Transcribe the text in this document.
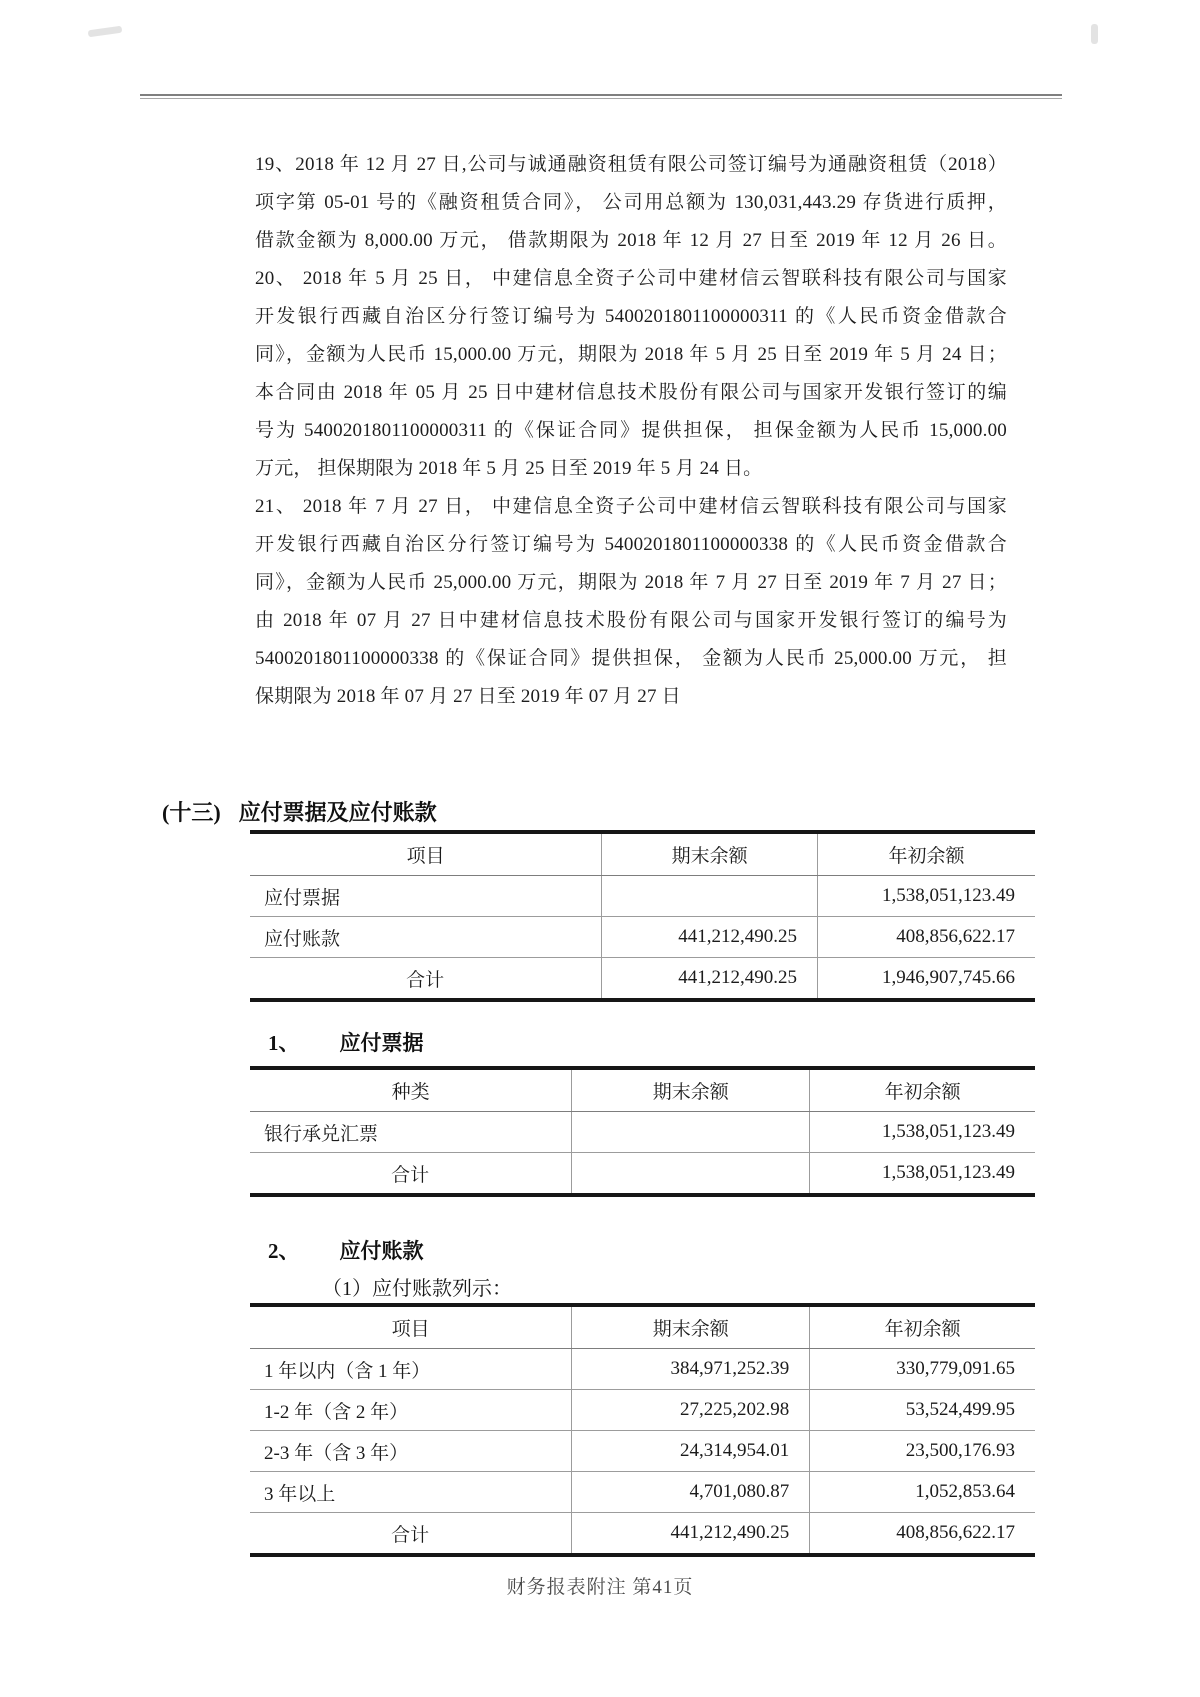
19、2018 年 12 月 27 日,公司与诚通融资租赁有限公司签订编号为通融资租赁（2018）
项字第 05-01 号的《融资租赁合同》， 公司用总额为 130,031,443.29 存货进行质押，
借款金额为 8,000.00 万元， 借款期限为 2018 年 12 月 27 日至 2019 年 12 月 26 日。
20、 2018 年 5 月 25 日， 中建信息全资子公司中建材信云智联科技有限公司与国家
开发银行西藏自治区分行签订编号为 5400201801100000311 的《人民币资金借款合
同》，金额为人民币 15,000.00 万元，期限为 2018 年 5 月 25 日至 2019 年 5 月 24 日；
本合同由 2018 年 05 月 25 日中建材信息技术股份有限公司与国家开发银行签订的编
号为 5400201801100000311 的《保证合同》提供担保， 担保金额为人民币 15,000.00
万元， 担保期限为 2018 年 5 月 25 日至 2019 年 5 月 24 日。
21、 2018 年 7 月 27 日， 中建信息全资子公司中建材信云智联科技有限公司与国家
开发银行西藏自治区分行签订编号为 5400201801100000338 的《人民币资金借款合
同》，金额为人民币 25,000.00 万元，期限为 2018 年 7 月 27 日至 2019 年 7 月 27 日；
由 2018 年 07 月 27 日中建材信息技术股份有限公司与国家开发银行签订的编号为
5400201801100000338 的《保证合同》提供担保， 金额为人民币 25,000.00 万元， 担
保期限为 2018 年 07 月 27 日至 2019 年 07 月 27 日
(十三) 应付票据及应付账款
项目	期末余额	年初余额
应付票据		1,538,051,123.49
应付账款	441,212,490.25	408,856,622.17
合计	441,212,490.25	1,946,907,745.66
1、 应付票据
种类	期末余额	年初余额
银行承兑汇票		1,538,051,123.49
合计		1,538,051,123.49
2、 应付账款
（1）应付账款列示：
项目	期末余额	年初余额
1 年以内（含 1 年）	384,971,252.39	330,779,091.65
1-2 年（含 2 年）	27,225,202.98	53,524,499.95
2-3 年（含 3 年）	24,314,954.01	23,500,176.93
3 年以上	4,701,080.87	1,052,853.64
合计	441,212,490.25	408,856,622.17
财务报表附注 第41页
